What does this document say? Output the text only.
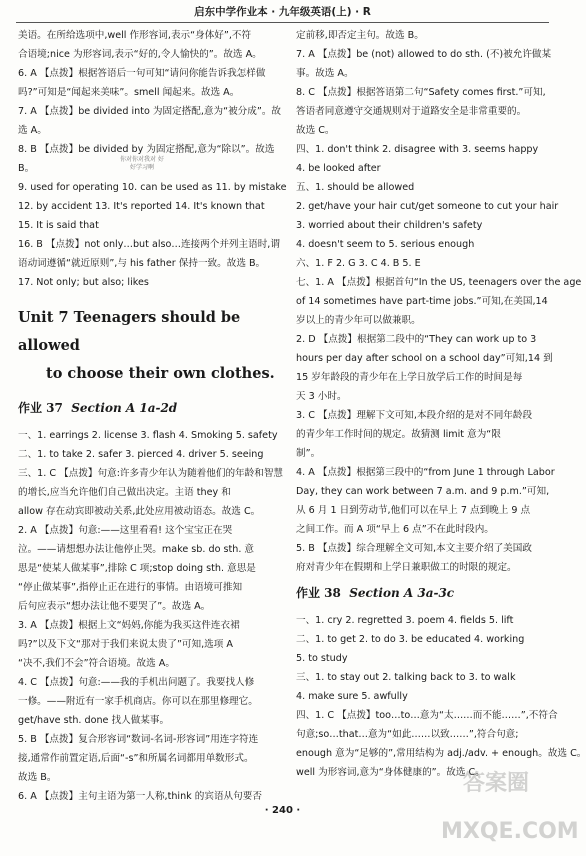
启东中学作业本 · 九年级英语(上) · R
美语。在所给选项中,well 作形容词,表示“身体好”,不符
合语境;nice 为形容词,表示“好的,令人愉快的”。故选 A。
6. A 【点拨】根据答语后一句可知“请问你能告诉我怎样做
吗?”可知是“闻起来美味”。smell 闻起来。故选 A。
7. A 【点拨】be divided into 为固定搭配,意为“被分成”。故
选 A。
8. B 【点拨】be divided by 为固定搭配,意为“除以”。故选
B。
9. used for operating 10. can be used as 11. by mistake
12. by accident 13. It's reported 14. It's known that
15. It is said that
16. B 【点拨】not only…but also…连接两个并列主语时,谓
语动词遵循“就近原则”,与 his father 保持一致。故选 B。
17. Not only; but also; likes
Unit 7 Teenagers should be allowed
to choose their own clothes.
作业 37 Section A 1a-2d
一、1. earrings 2. license 3. flash 4. Smoking 5. safety
二、1. to take 2. safer 3. pierced 4. driver 5. seeing
三、1. C 【点拨】句意:许多青少年认为随着他们的年龄和智慧
的增长,应当允许他们自己做出决定。主语 they 和
allow 存在动宾即被动关系,此处应用被动语态。故选 C。
2. A 【点拨】句意:——这里看看! 这个宝宝正在哭
泣。——请想想办法让他停止哭。make sb. do sth. 意
思是“使某人做某事”,排除 C 项;stop doing sth. 意思是
“停止做某事”,指停止正在进行的事情。由语境可推知
后句应表示“想办法让他不要哭了”。故选 A。
3. A 【点拨】根据上文“妈妈,你能为我买这件连衣裙
吗?”以及下文“那对于我们来说太贵了”可知,选项 A
“决不,我们不会”符合语境。故选 A。
4. C 【点拨】句意:——我的手机出问题了。我要找人修
一修。——附近有一家手机商店。你可以在那里修理它。
get/have sth. done 找人做某事。
5. B 【点拨】复合形容词“数词-名词-形容词”用连字符连
接,通常作前置定语,后面“-s”和所属名词都用单数形式。
故选 B。
6. A 【点拨】主句主语为第一人称,think 的宾语从句要否
定前移,即否定主句。故选 B。
7. A 【点拨】be (not) allowed to do sth. (不)被允许做某
事。故选 A。
8. C 【点拨】根据答语第二句“Safety comes first.”可知,
答语者同意遵守交通规则对于道路安全是非常重要的。
故选 C。
四、1. don't think 2. disagree with 3. seems happy
4. be looked after
五、1. should be allowed
2. get/have your hair cut/get someone to cut your hair
3. worried about their children's safety
4. doesn't seem to 5. serious enough
六、1. F 2. G 3. C 4. B 5. E
七、1. A 【点拨】根据首句“In the US, teenagers over the age
of 14 sometimes have part-time jobs.”可知,在美国,14
岁以上的青少年可以做兼职。
2. D 【点拨】根据第二段中的“They can work up to 3
hours per day after school on a school day”可知,14 到
15 岁年龄段的青少年在上学日放学后工作的时间是每
天 3 小时。
3. C 【点拨】理解下文可知,本段介绍的是对不同年龄段
的青少年工作时间的规定。故猜测 limit 意为“限
制”。
4. A 【点拨】根据第三段中的“from June 1 through Labor
Day, they can work between 7 a.m. and 9 p.m.”可知,
从 6 月 1 日到劳动节,他们可以在早上 7 点到晚上 9 点
之间工作。而 A 项“早上 6 点”不在此时段内。
5. B 【点拨】综合理解全文可知,本文主要介绍了美国政
府对青少年在假期和上学日兼职做工的时限的规定。
作业 38 Section A 3a-3c
一、1. cry 2. regretted 3. poem 4. fields 5. lift
二、1. to get 2. to do 3. be educated 4. working
5. to study
三、1. to stay out 2. talking back to 3. to walk
4. make sure 5. awfully
四、1. C 【点拨】too…to…意为“太……而不能……”,不符合
句意;so…that…意为“如此……以致……”,符合句意;
enough 意为“足够的”,常用结构为 adj./adv. + enough。故选 C。
well 为形容词,意为“身体健康的”。故选 C。
你对你对我对 好好学习啊
答案圈 MXQE.COM
· 240 ·
